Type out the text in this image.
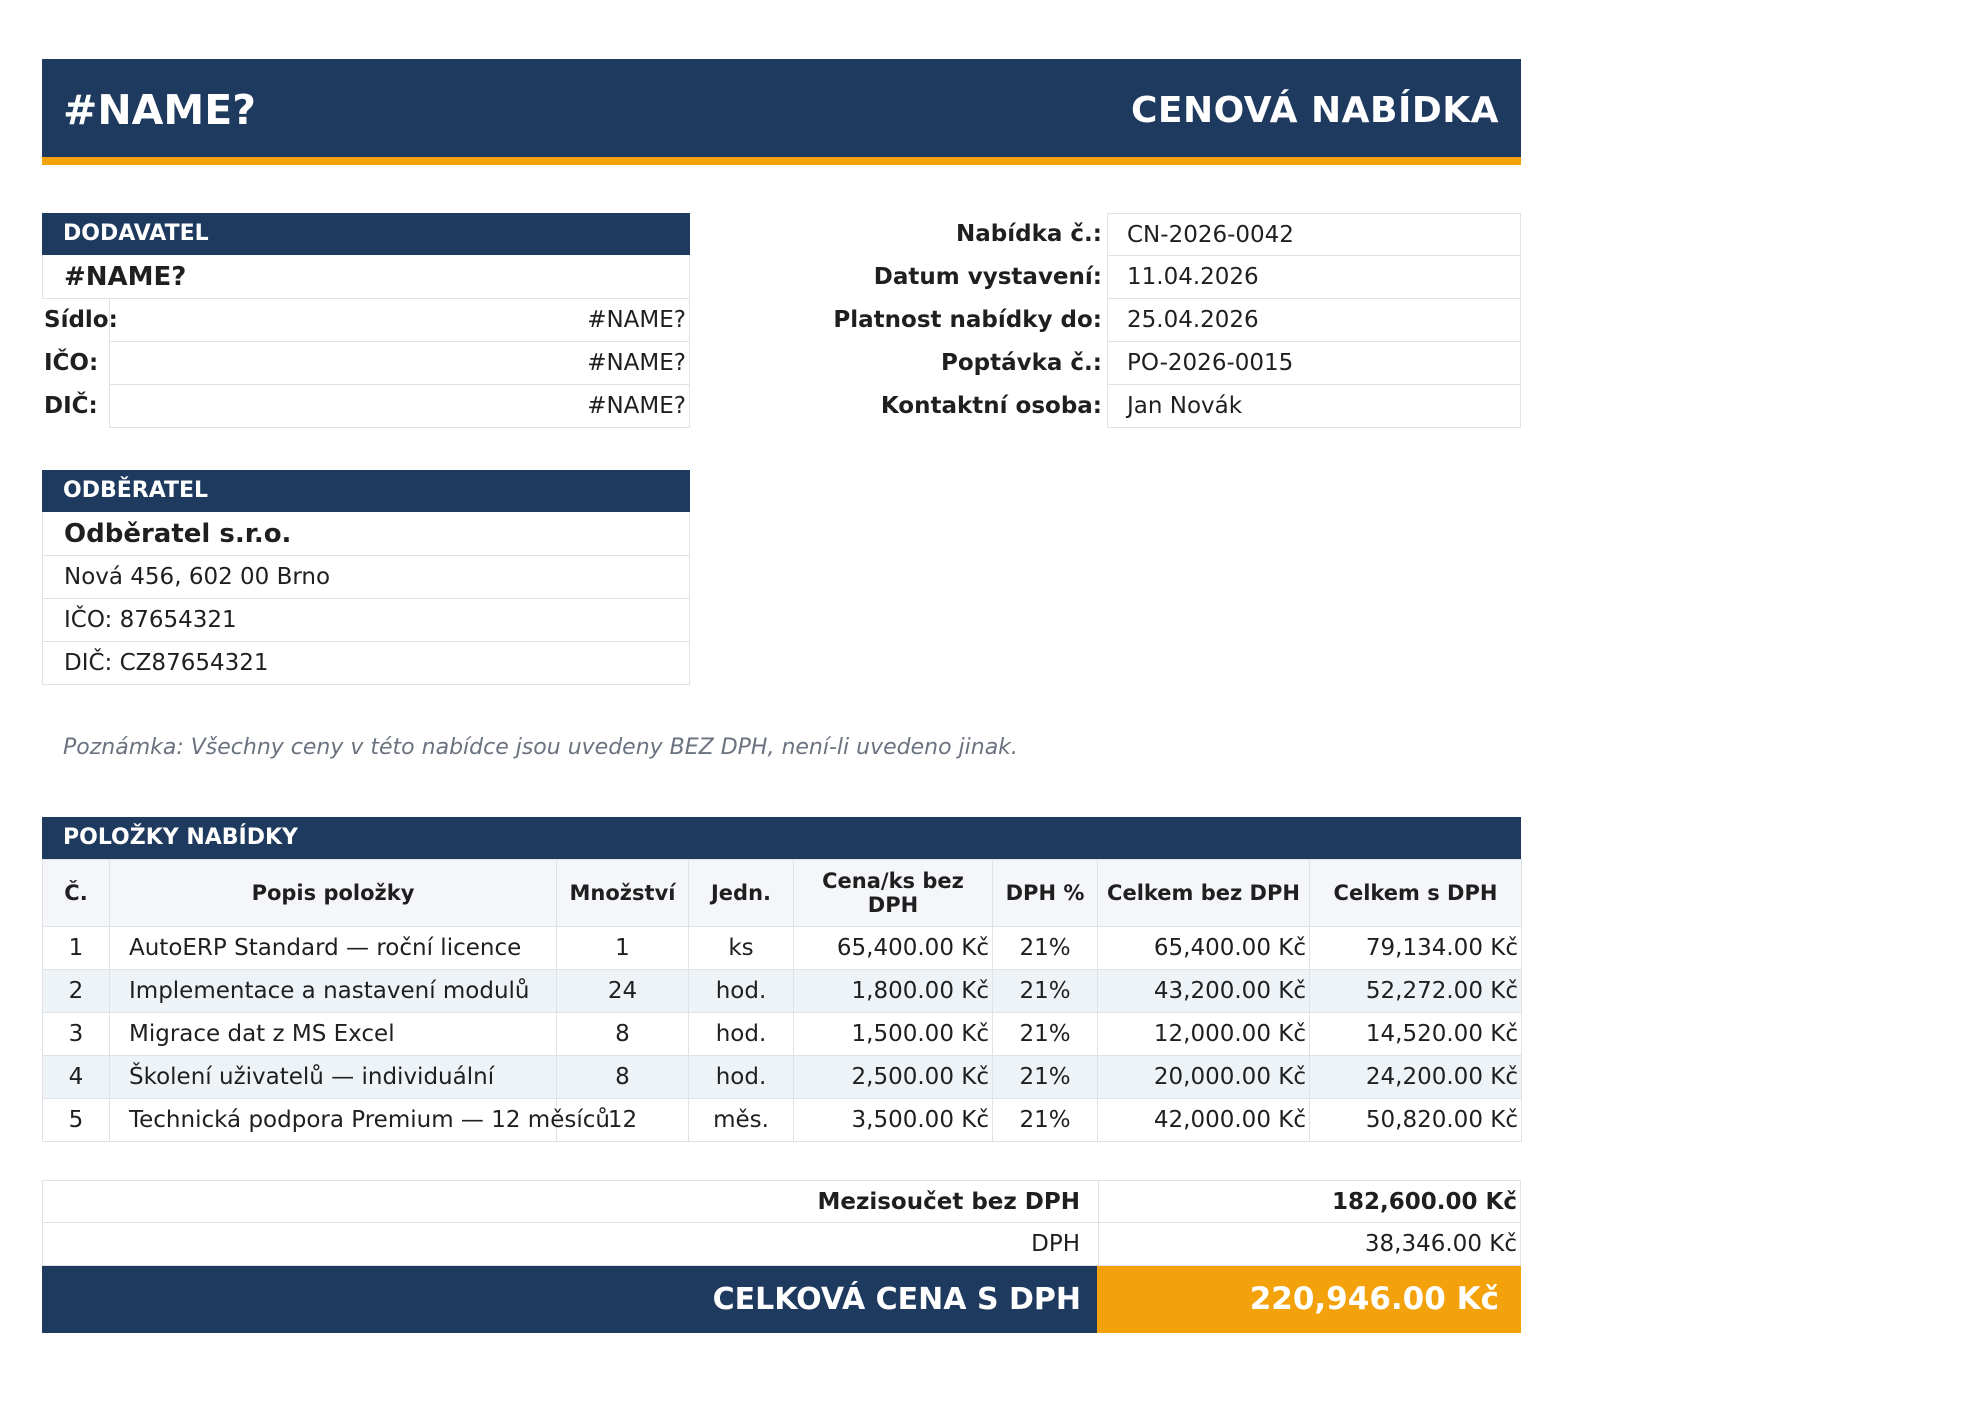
#NAME?	CENOVÁ NABÍDKA
DODAVATEL
#NAME?
Sídlo:	#NAME?
IČO:	#NAME?
DIČ:	#NAME?
Nabídka č.:	CN-2026-0042
Datum vystavení:	11.04.2026
Platnost nabídky do:	25.04.2026
Poptávka č.:	PO-2026-0015
Kontaktní osoba:	Jan Novák
ODBĚRATEL
Odběratel s.r.o.
Nová 456, 602 00 Brno
IČO: 87654321
DIČ: CZ87654321
Poznámka: Všechny ceny v této nabídce jsou uvedeny BEZ DPH, není-li uvedeno jinak.
POLOŽKY NABÍDKY
Č.	Popis položky	Množství	Jedn.	Cena/ks bez DPH	DPH %	Celkem bez DPH	Celkem s DPH
1	AutoERP Standard — roční licence	1	ks	65,400.00 Kč	21%	65,400.00 Kč	79,134.00 Kč
2	Implementace a nastavení modulů	24	hod.	1,800.00 Kč	21%	43,200.00 Kč	52,272.00 Kč
3	Migrace dat z MS Excel	8	hod.	1,500.00 Kč	21%	12,000.00 Kč	14,520.00 Kč
4	Školení uživatelů — individuální	8	hod.	2,500.00 Kč	21%	20,000.00 Kč	24,200.00 Kč
5	Technická podpora Premium — 12 měsíců	12	měs.	3,500.00 Kč	21%	42,000.00 Kč	50,820.00 Kč
Mezisoučet bez DPH	182,600.00 Kč
DPH	38,346.00 Kč
CELKOVÁ CENA S DPH	220,946.00 Kč
